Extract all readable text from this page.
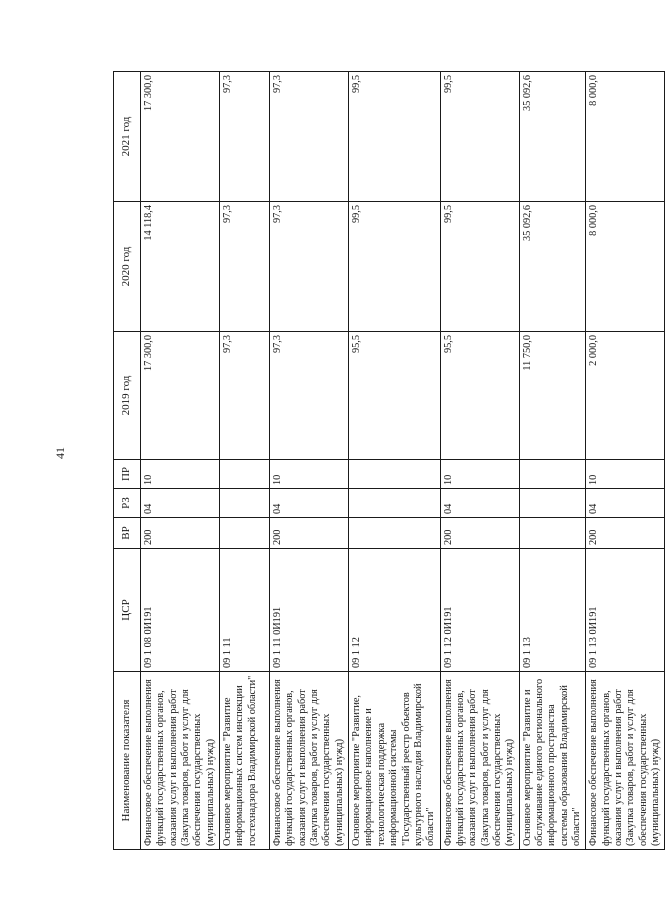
41
Наименование показателя	ЦСР	ВР	РЗ	ПР	2019 год	2020 год	2021 год
Финансовое обеспечение выполнения функций государственных органов, оказания услуг и выполнения работ (Закупка товаров, работ и услуг для обеспечения государственных (муниципальных) нужд)	09 1 08 0И191	200	04	10	17 300,0	14 118,4	17 300,0
Основное мероприятие "Развитие информационных систем инспекции гостехнадзора Владимирской области"	09 1 11				97,3	97,3	97,3
Финансовое обеспечение выполнения функций государственных органов, оказания услуг и выполнения работ (Закупка товаров, работ и услуг для обеспечения государственных (муниципальных) нужд)	09 1 11 0И191	200	04	10	97,3	97,3	97,3
Основное мероприятие "Развитие, информационное наполнение и технологическая поддержка информационной системы "Государственный реестр объектов культурного наследия Владимирской области"	09 1 12				95,5	99,5	99,5
Финансовое обеспечение выполнения функций государственных органов, оказания услуг и выполнения работ (Закупка товаров, работ и услуг для обеспечения государственных (муниципальных) нужд)	09 1 12 0И191	200	04	10	95,5	99,5	99,5
Основное мероприятие "Развитие и обслуживание единого регионального информационного пространства системы образования Владимирской области"	09 1 13				11 750,0	35 092,6	35 092,6
Финансовое обеспечение выполнения функций государственных органов, оказания услуг и выполнения работ (Закупка товаров, работ и услуг для обеспечения государственных (муниципальных) нужд)	09 1 13 0И191	200	04	10	2 000,0	8 000,0	8 000,0
